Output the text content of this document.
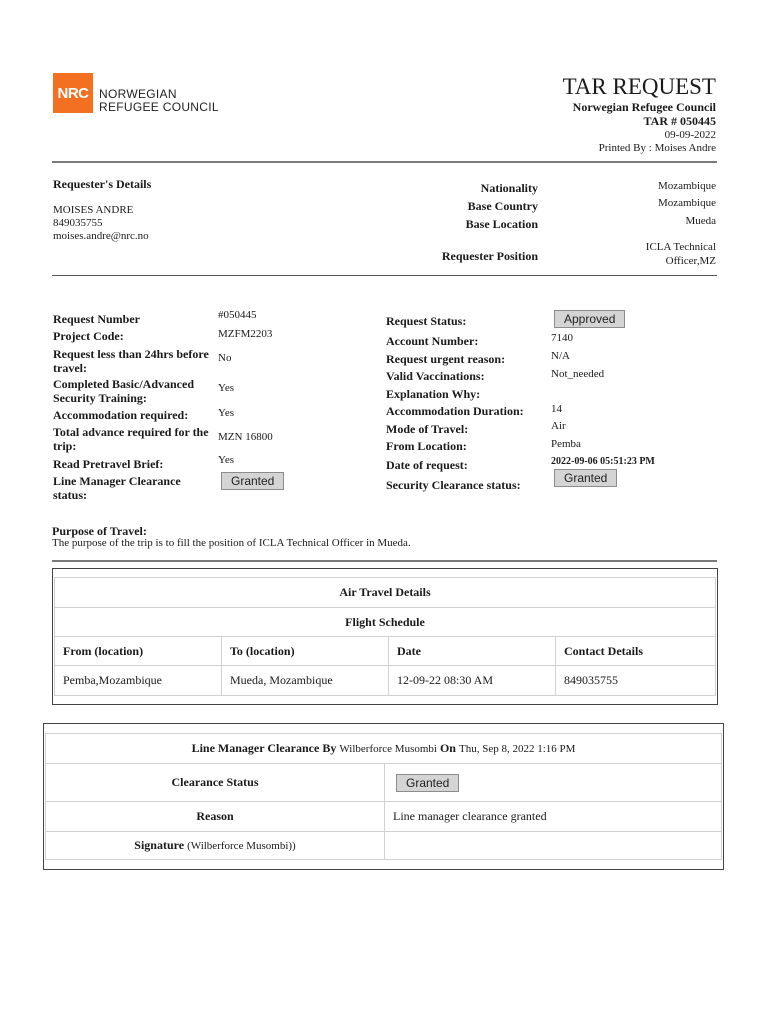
NRC NORWEGIAN
REFUGEE COUNCIL
TAR REQUEST
Norwegian Refugee Council
TAR # 050445
09-09-2022
Printed By : Moises Andre
Requester's Details
MOISES ANDRE
849035755
moises.andre@nrc.no
Nationality	Mozambique
Base Country	Mozambique
Base Location	Mueda
Requester Position
ICLA Technical
Officer,MZ
Request Number	#050445
Project Code:	MZFM2203
Request less than 24hrs before
travel:
No
Completed Basic/Advanced
Security Training:
Yes
Accommodation required:	Yes
Total advance required for the
trip:
MZN 16800
Read Pretravel Brief:	Yes
Line Manager Clearance
status:
Granted
Request Status:	Approved
Account Number:	7140
Request urgent reason:	N/A
Valid Vaccinations:	Not_needed
Explanation Why:
Accommodation Duration: 14
Mode of Travel:	Air
From Location:	Pemba
Date of request:	2022-09-06 05:51:23 PM
Security Clearance status:	Granted
Purpose of Travel:
The purpose of the trip is to fill the position of ICLA Technical Officer in Mueda.
Air Travel Details			
Flight Schedule			
From (location)	To (location)	Date	Contact Details
Pemba,Mozambique	Mueda, Mozambique	12-09-22 08:30 AM	849035755
Line Manager Clearance By Wilberforce Musombi On Thu, Sep 8, 2022 1:16 PM	
Clearance Status	Granted
Reason	Line manager clearance granted
Signature (Wilberforce Musombi))	
